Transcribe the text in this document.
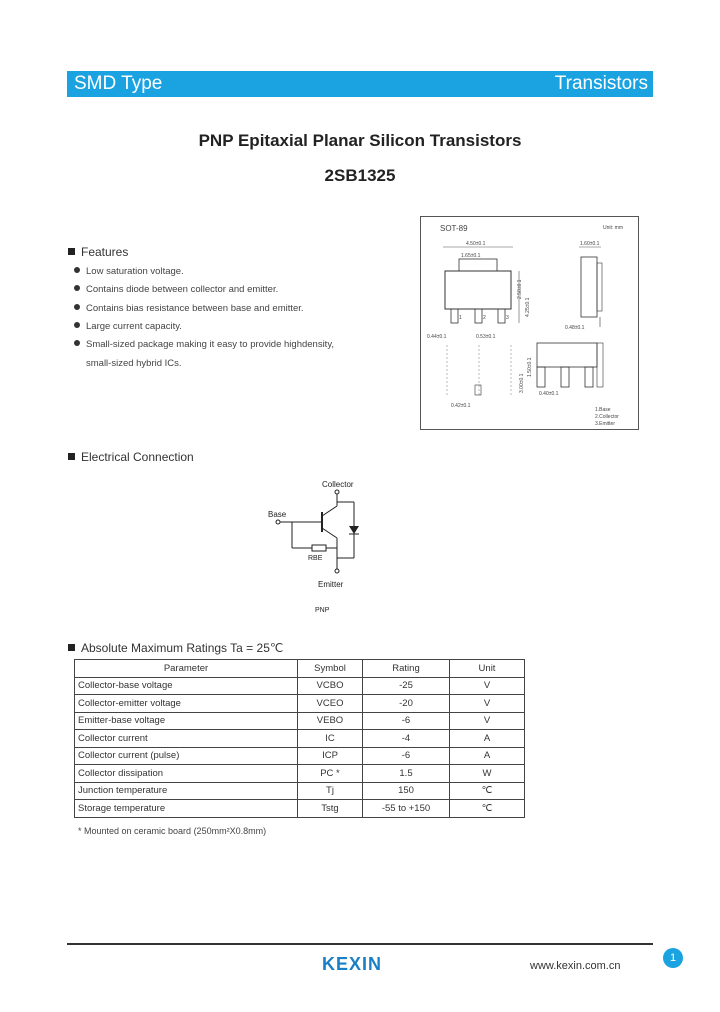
SMD Type	Transistors
PNP Epitaxial Planar Silicon Transistors
2SB1325
Features
Low saturation voltage.
Contains diode between collector and emitter.
Contains bias resistance between base and emitter.
Large current capacity.
Small-sized package making it easy to provide highdensity,
small-sized hybrid ICs.
SOT-89	Unit: mm
4.50±0.1
1.65±0.1
1	2	3
2.50±0.1
4.25±0.1
0.44±0.1	0.53±0.1
1.60±0.1
0.48±0.1
1.50±0.1
3.00±0.1
0.42±0.1
0.40±0.1
1.Base
2.Collector
3.Emitter
Electrical Connection
Collector
Base
Emitter
RBE
PNP
Absolute Maximum Ratings Ta = 25℃
Parameter	Symbol	Rating	Unit
Collector-base voltage	VCBO	-25	V
Collector-emitter voltage	VCEO	-20	V
Emitter-base voltage	VEBO	-6	V
Collector current	IC	-4	A
Collector current (pulse)	ICP	-6	A
Collector dissipation	PC *	1.5	W
Junction temperature	Tj	150	℃
Storage temperature	Tstg	-55 to +150	℃
* Mounted on ceramic board (250mm²X0.8mm)
KEXIN	www.kexin.com.cn
1
